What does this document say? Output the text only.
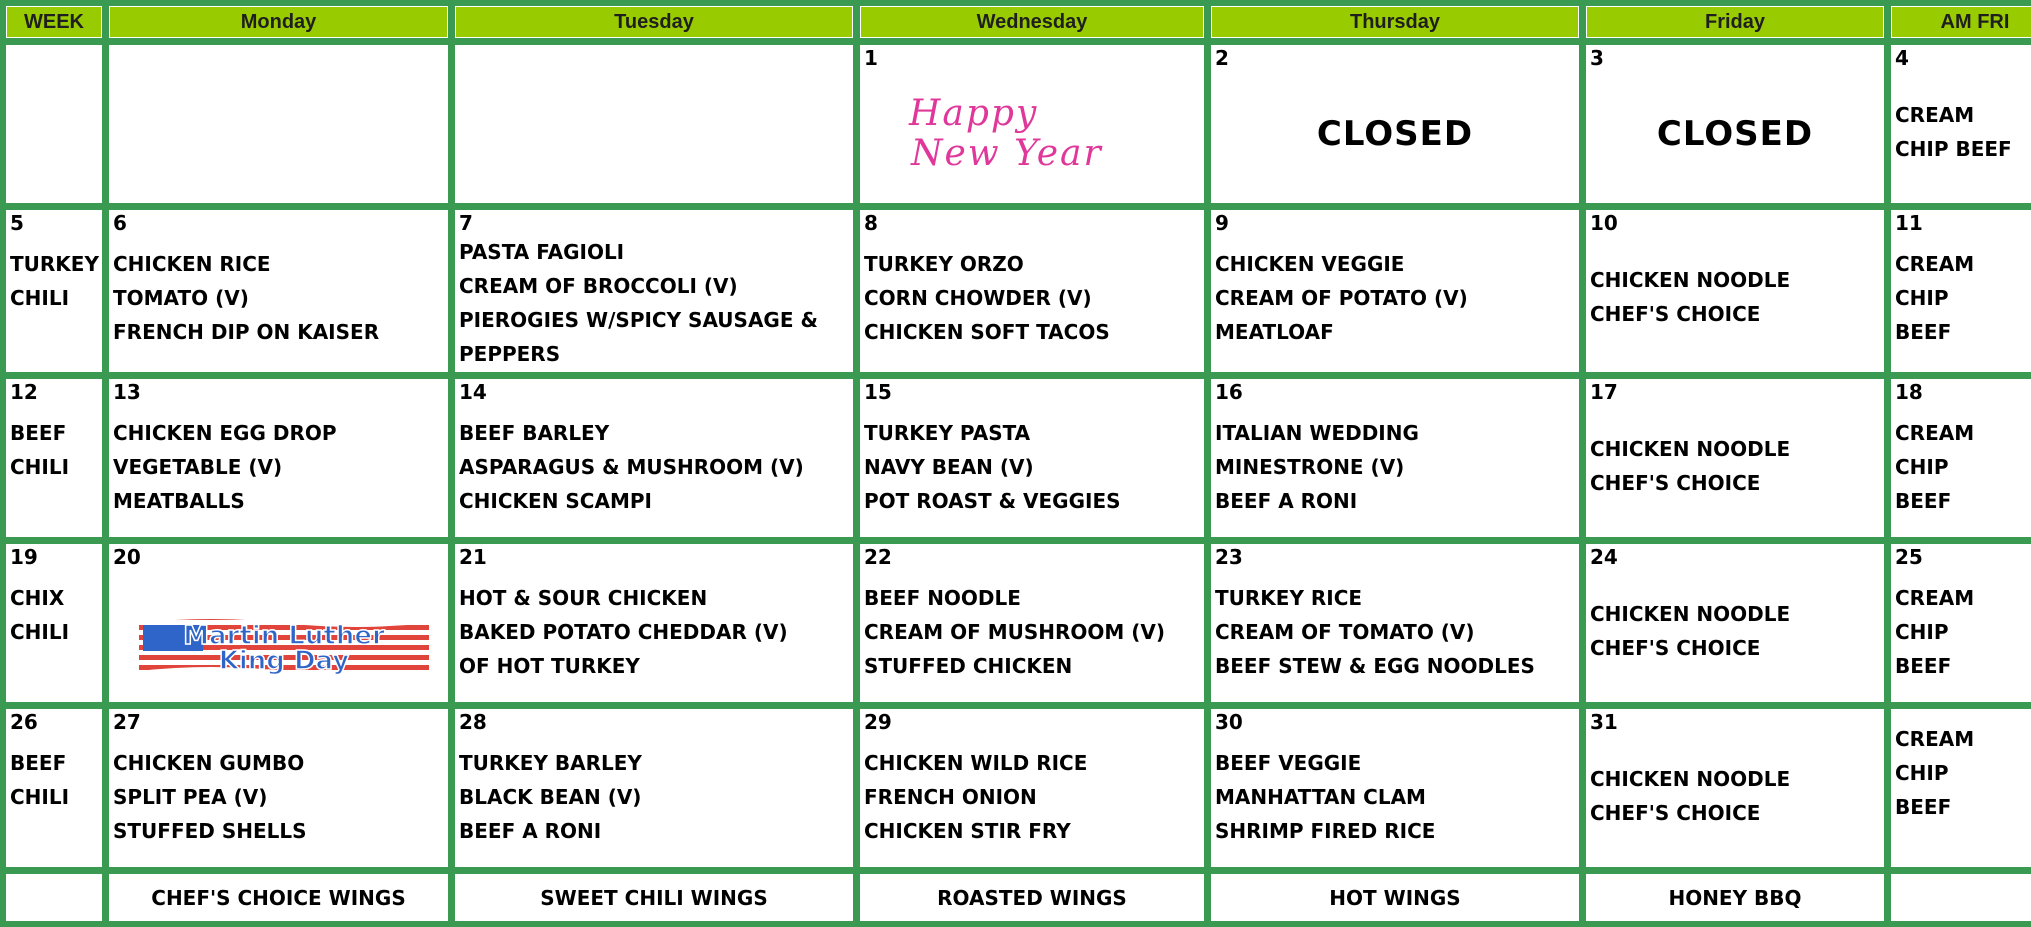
WEEK	Monday	Tuesday	Wednesday	Thursday	Friday	AM FRI

			1
Happy
New Year	2
CLOSED	3
CLOSED	4
CREAM
CHIP BEEF

5
TURKEY
CHILI	6
CHICKEN RICE
TOMATO (V)
FRENCH DIP ON KAISER	7
PASTA FAGIOLI
CREAM OF BROCCOLI (V)
PIEROGIES W/SPICY SAUSAGE &
PEPPERS	8
TURKEY ORZO
CORN CHOWDER (V)
CHICKEN SOFT TACOS	9
CHICKEN VEGGIE
CREAM OF POTATO (V)
MEATLOAF	10
CHICKEN NOODLE
CHEF'S CHOICE	11
CREAM
CHIP
BEEF

12
BEEF
CHILI	13
CHICKEN EGG DROP
VEGETABLE (V)
MEATBALLS	14
BEEF BARLEY
ASPARAGUS & MUSHROOM (V)
CHICKEN SCAMPI	15
TURKEY PASTA
NAVY BEAN (V)
POT ROAST & VEGGIES	16
ITALIAN WEDDING
MINESTRONE (V)
BEEF A RONI	17
CHICKEN NOODLE
CHEF'S CHOICE	18
CREAM
CHIP
BEEF

19
CHIX
CHILI	20
Martin Luther
King Day	21
HOT & SOUR CHICKEN
BAKED POTATO CHEDDAR (V)
OF HOT TURKEY	22
BEEF NOODLE
CREAM OF MUSHROOM (V)
STUFFED CHICKEN	23
TURKEY RICE
CREAM OF TOMATO (V)
BEEF STEW & EGG NOODLES	24
CHICKEN NOODLE
CHEF'S CHOICE	25
CREAM
CHIP
BEEF

26
BEEF
CHILI	27
CHICKEN GUMBO
SPLIT PEA (V)
STUFFED SHELLS	28
TURKEY BARLEY
BLACK BEAN (V)
BEEF A RONI	29
CHICKEN WILD RICE
FRENCH ONION
CHICKEN STIR FRY	30
BEEF VEGGIE
MANHATTAN CLAM
SHRIMP FIRED RICE	31
CHICKEN NOODLE
CHEF'S CHOICE	CREAM
CHIP
BEEF

	CHEF'S CHOICE WINGS	SWEET CHILI WINGS	ROASTED WINGS	HOT WINGS	HONEY BBQ	
